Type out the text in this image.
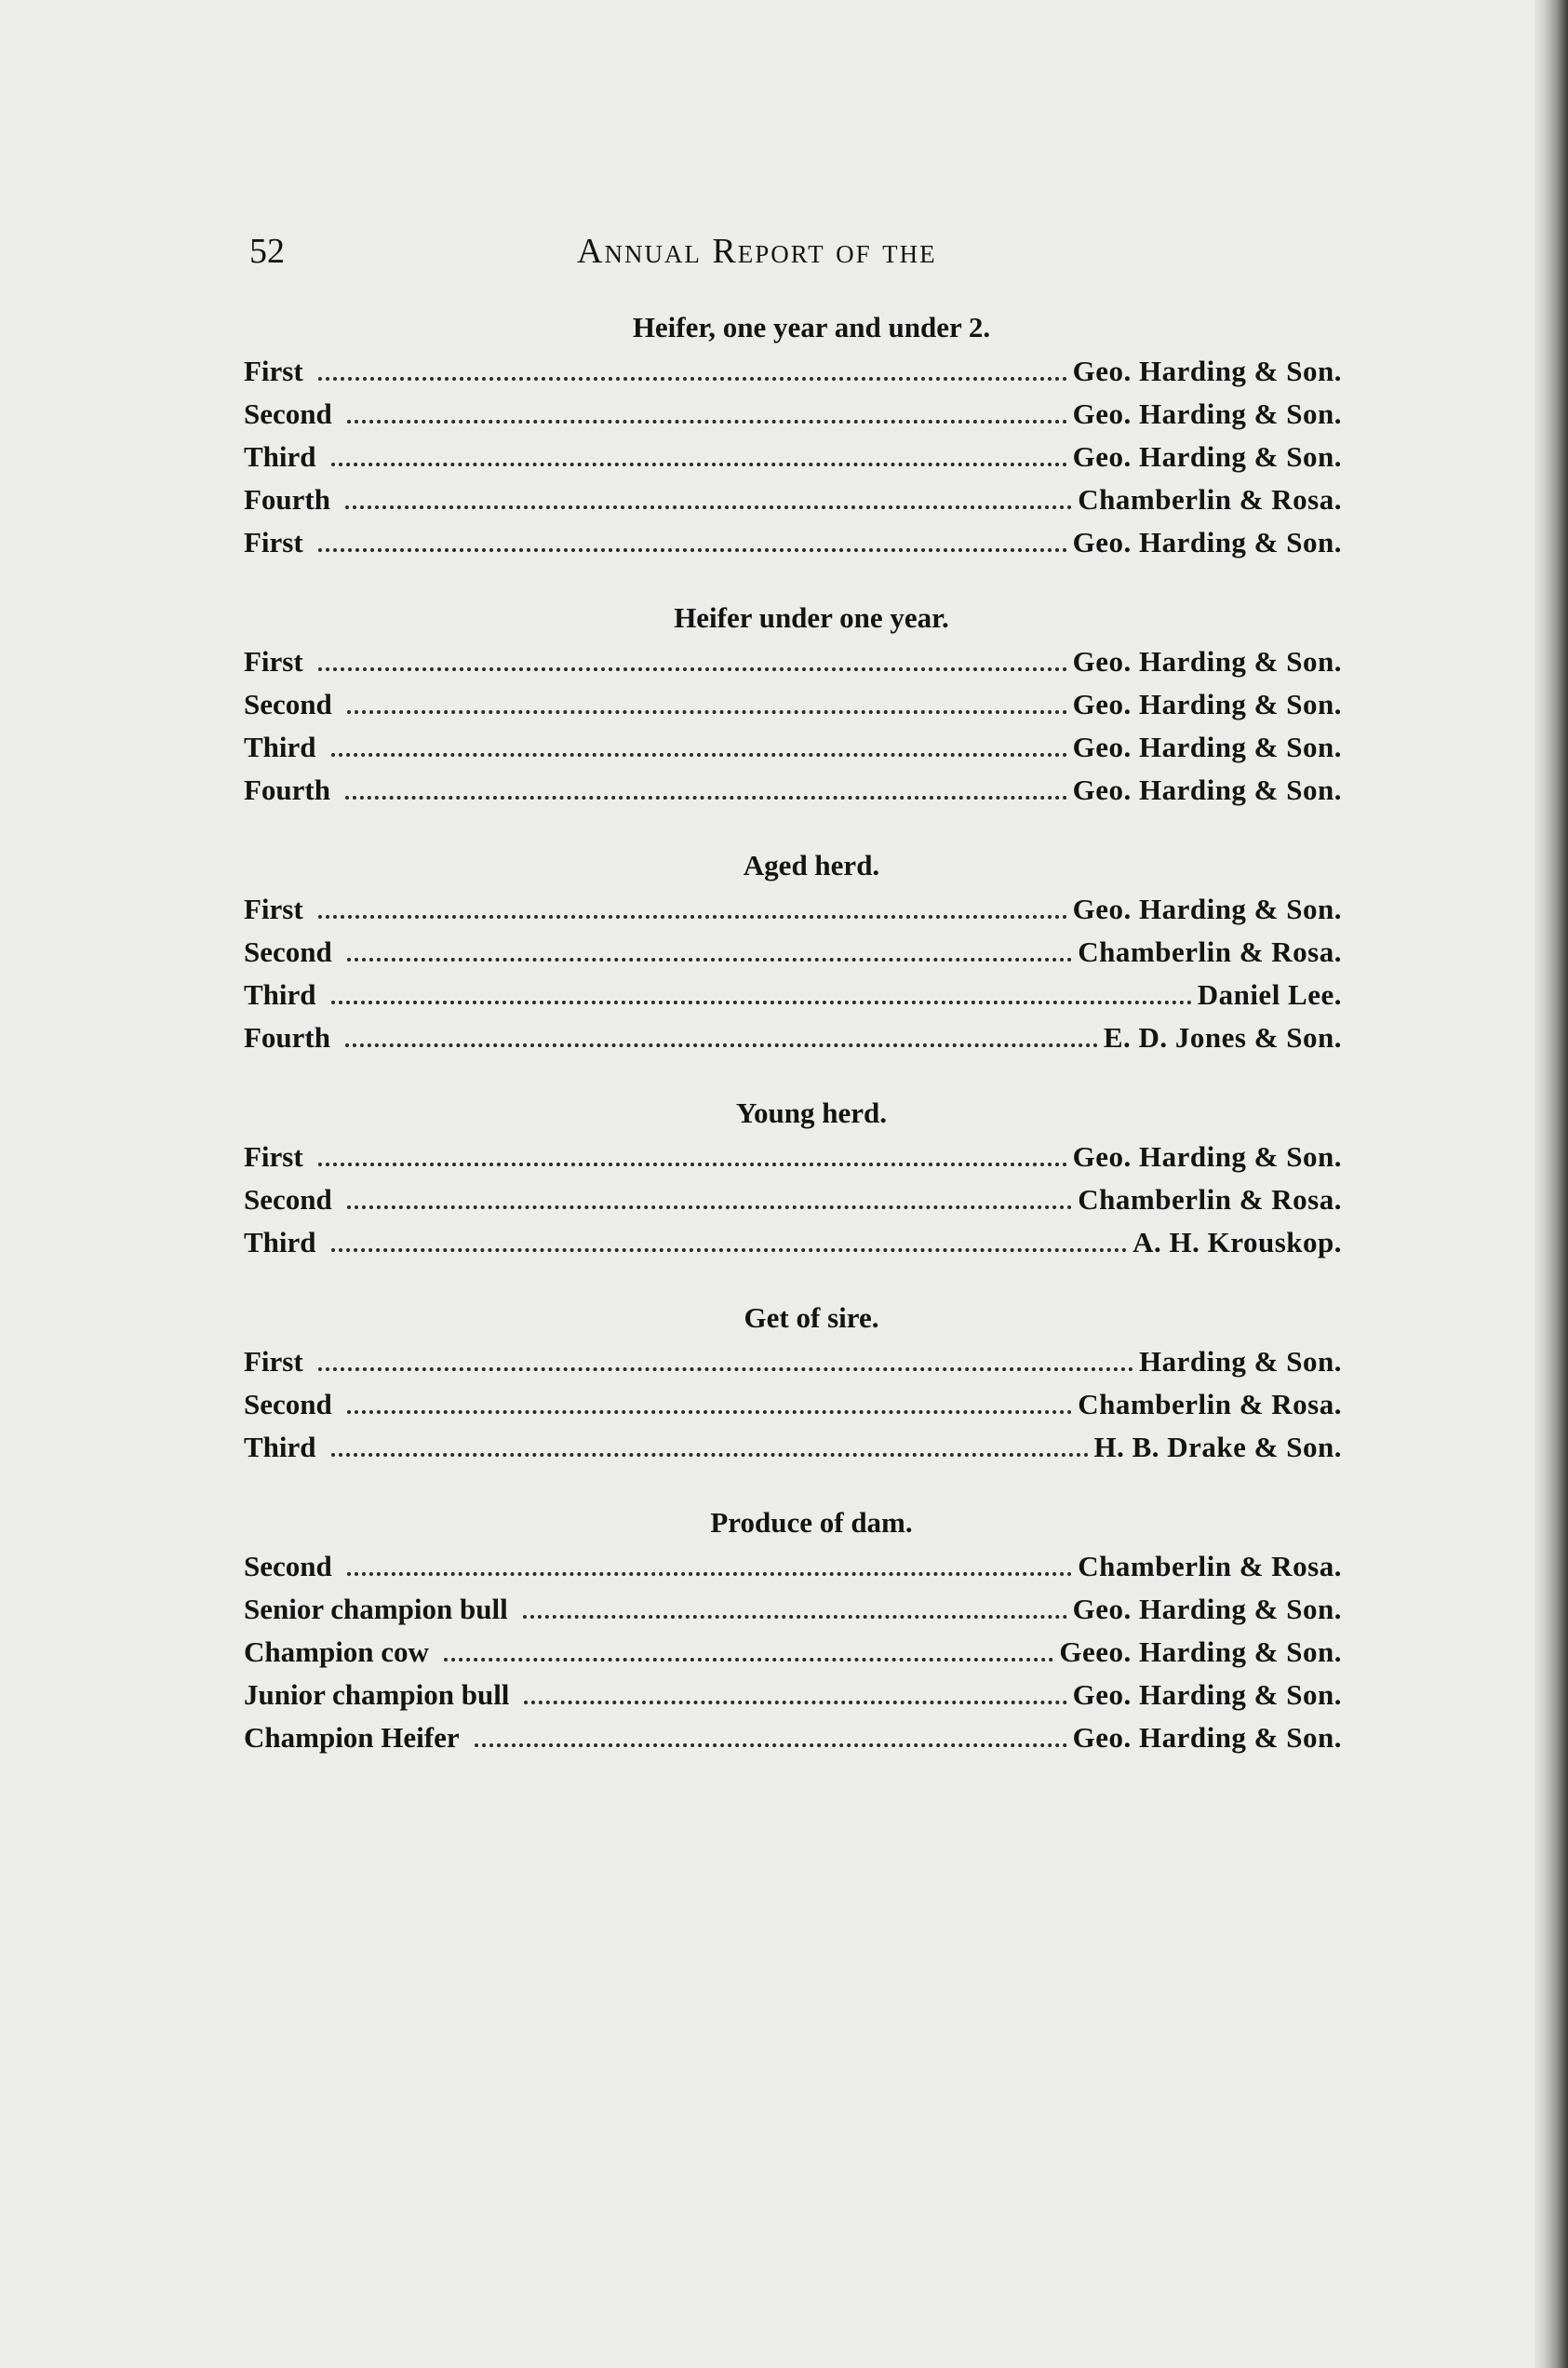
52	Annual Report of the
Heifer, one year and under 2.
First	Geo. Harding & Son.
Second	Geo. Harding & Son.
Third	Geo. Harding & Son.
Fourth	Chamberlin & Rosa.
First	Geo. Harding & Son.
Heifer under one year.
First	Geo. Harding & Son.
Second	Geo. Harding & Son.
Third	Geo. Harding & Son.
Fourth	Geo. Harding & Son.
Aged herd.
First	Geo. Harding & Son.
Second	Chamberlin & Rosa.
Third	Daniel Lee.
Fourth	E. D. Jones & Son.
Young herd.
First	Geo. Harding & Son.
Second	Chamberlin & Rosa.
Third	A. H. Krouskop.
Get of sire.
First	Harding & Son.
Second	Chamberlin & Rosa.
Third	H. B. Drake & Son.
Produce of dam.
Second	Chamberlin & Rosa.
Senior champion bull	Geo. Harding & Son.
Champion cow	Geeo. Harding & Son.
Junior champion bull	Geo. Harding & Son.
Champion Heifer	Geo. Harding & Son.
